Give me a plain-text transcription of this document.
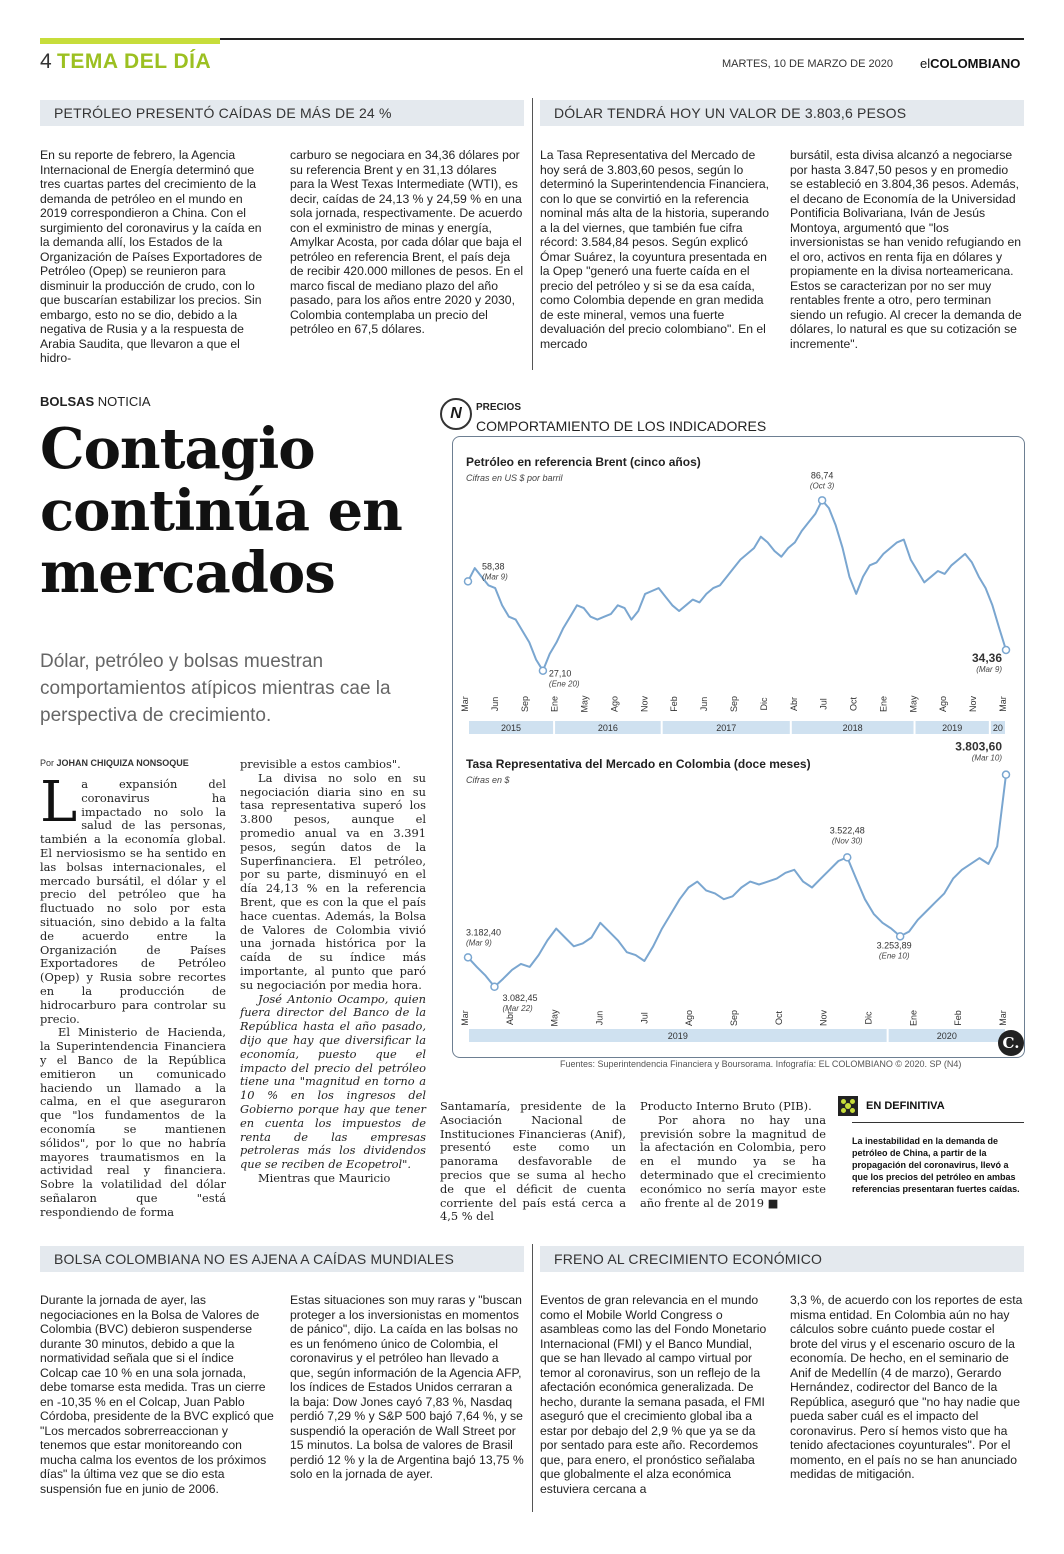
4 TEMA DEL DÍA	MARTES, 10 DE MARZO DE 2020 elCOLOMBIANO
PETRÓLEO PRESENTÓ CAÍDAS DE MÁS DE 24 %
En su reporte de febrero, la Agencia Internacional de Energía determinó que tres cuartas partes del crecimiento de la demanda de petróleo en el mundo en 2019 correspondieron a China. Con el surgimiento del coronavirus y la caída en la demanda allí, los Estados de la Organización de Países Exportadores de Petróleo (Opep) se reunieron para disminuir la producción de crudo, con lo que buscarían estabilizar los precios. Sin embargo, esto no se dio, debido a la negativa de Rusia y a la respuesta de Arabia Saudita, que llevaron a que el hidro-
carburo se negociara en 34,36 dólares por su referencia Brent y en 31,13 dólares para la West Texas Intermediate (WTI), es decir, caídas de 24,13 % y 24,59 % en una sola jornada, respectivamente. De acuerdo con el exministro de minas y energía, Amylkar Acosta, por cada dólar que baja el petróleo en referencia Brent, el país deja de recibir 420.000 millones de pesos. En el marco fiscal de mediano plazo del año pasado, para los años entre 2020 y 2030, Colombia contemplaba un precio del petróleo en 67,5 dólares.
DÓLAR TENDRÁ HOY UN VALOR DE 3.803,6 PESOS
La Tasa Representativa del Mercado de hoy será de 3.803,60 pesos, según lo determinó la Superintendencia Financiera, con lo que se convirtió en la referencia nominal más alta de la historia, superando a la del viernes, que también fue cifra récord: 3.584,84 pesos. Según explicó Ómar Suárez, la coyuntura presentada en la Opep "generó una fuerte caída en el precio del petróleo y si se da esa caída, como Colombia depende en gran medida de este mineral, vemos una fuerte devaluación del precio colombiano". En el mercado
bursátil, esta divisa alcanzó a negociarse por hasta 3.847,50 pesos y en promedio se estableció en 3.804,36 pesos. Además, el decano de Economía de la Universidad Pontificia Bolivariana, Iván de Jesús Montoya, argumentó que "los inversionistas se han venido refugiando en el oro, activos en renta fija en dólares y propiamente en la divisa norteamericana. Estos se caracterizan por no ser muy rentables frente a otro, pero terminan siendo un refugio. Al crecer la demanda de dólares, lo natural es que su cotización se incremente".
BOLSAS NOTICIA
Contagio continúa en mercados
Dólar, petróleo y bolsas muestran comportamientos atípicos mientras cae la perspectiva de crecimiento.
Por JOHAN CHIQUIZA NONSOQUE
La expansión del coronavirus ha impactado no solo la salud de las personas, también a la economía global. El nerviosismo se ha sentido en las bolsas internacionales, el mercado bursátil, el dólar y el precio del petróleo que ha fluctuado no solo por esta situación, sino debido a la falta de acuerdo entre la Organización de Países Exportadores de Petróleo (Opep) y Rusia sobre recortes en la producción de hidrocarburo para controlar su precio.
El Ministerio de Hacienda, la Superintendencia Financiera y el Banco de la República emitieron un comunicado haciendo un llamado a la calma, en el que aseguraron que "los fundamentos de la economía se mantienen sólidos", por lo que no habría mayores traumatismos en la actividad real y financiera. Sobre la volatilidad del dólar señalaron que "está respondiendo de forma
previsible a estos cambios".
La divisa no solo en su negociación diaria sino en su tasa representativa superó los 3.800 pesos, aunque el promedio anual va en 3.391 pesos, según datos de la Superfinanciera. El petróleo, por su parte, disminuyó en el día 24,13 % en la referencia Brent, que es con la que el país hace cuentas. Además, la Bolsa de Valores de Colombia vivió una jornada histórica por la caída de su índice más importante, al punto que paró su negociación por media hora.
José Antonio Ocampo, quien fuera director del Banco de la República hasta el año pasado, dijo que hay que diversificar la economía, puesto que el impacto del precio del petróleo tiene una "magnitud en torno a 10 % en los ingresos del Gobierno porque hay que tener en cuenta los impuestos de renta de las empresas petroleras más los dividendos que se reciben de Ecopetrol".
Mientras que Mauricio
Santamaría, presidente de la Asociación Nacional de Instituciones Financieras (Anif), presentó este como un panorama desfavorable de precios que se suma al hecho de que el déficit de cuenta corriente del país está cerca a 4,5 % del
Producto Interno Bruto (PIB).
Por ahora no hay una previsión sobre la magnitud de la afectación en Colombia, pero en el mundo ya se ha determinado que el crecimiento económico no sería mayor este año frente al de 2019 ■
N	PRECIOS
COMPORTAMIENTO DE LOS INDICADORES
Petróleo en referencia Brent (cinco años)
Cifras en US $ por barril
58,38
(Mar 9)
27,10
(Ene 20)
86,74
(Oct 3)
34,36
(Mar 9)
Mar Jun Sep Ene May Ago Nov Feb Jun Sep Dic Abr Jul Oct Ene May Ago Nov Mar
2015	2016	2017	2018	2019	20
Tasa Representativa del Mercado en Colombia (doce meses)
Cifras en $
3.182,40
(Mar 9)
3.082,45
(Mar 22)
3.522,48
(Nov 30)
3.253,89
(Ene 10)
3.803,60
(Mar 10)
Mar	Abr	May	Jun	Jul	Ago	Sep	Oct	Nov	Dic	Ene	Feb	Mar
2019	2020	C.
Fuentes: Superintendencia Financiera y Boursorama. Infografía: EL COLOMBIANO © 2020. SP (N4)
EN DEFINITIVA
La inestabilidad en la demanda de petróleo de China, a partir de la propagación del coronavirus, llevó a que los precios del petróleo en ambas referencias presentaran fuertes caídas.
BOLSA COLOMBIANA NO ES AJENA A CAÍDAS MUNDIALES
Durante la jornada de ayer, las negociaciones en la Bolsa de Valores de Colombia (BVC) debieron suspenderse durante 30 minutos, debido a que la normatividad señala que si el índice Colcap cae 10 % en una sola jornada, debe tomarse esta medida. Tras un cierre en -10,35 % en el Colcap, Juan Pablo Córdoba, presidente de la BVC explicó que "Los mercados sobrerreaccionan y tenemos que estar monitoreando con mucha calma los eventos de los próximos días" la última vez que se dio esta suspensión fue en junio de 2006.
Estas situaciones son muy raras y "buscan proteger a los inversionistas en momentos de pánico", dijo. La caída en las bolsas no es un fenómeno único de Colombia, el coronavirus y el petróleo han llevado a que, según información de la Agencia AFP, los índices de Estados Unidos cerraran a la baja: Dow Jones cayó 7,83 %, Nasdaq perdió 7,29 % y S&P 500 bajó 7,64 %, y se suspendió la operación de Wall Street por 15 minutos. La bolsa de valores de Brasil perdió 12 % y la de Argentina bajó 13,75 % solo en la jornada de ayer.
FRENO AL CRECIMIENTO ECONÓMICO
Eventos de gran relevancia en el mundo como el Mobile World Congress o asambleas como las del Fondo Monetario Internacional (FMI) y el Banco Mundial, que se han llevado al campo virtual por temor al coronavirus, son un reflejo de la afectación económica generalizada. De hecho, durante la semana pasada, el FMI aseguró que el crecimiento global iba a estar por debajo del 2,9 % que ya se da por sentado para este año. Recordemos que, para enero, el pronóstico señalaba que globalmente el alza económica estuviera cercana a
3,3 %, de acuerdo con los reportes de esta misma entidad. En Colombia aún no hay cálculos sobre cuánto puede costar el brote del virus y el escenario oscuro de la economía. De hecho, en el seminario de Anif de Medellín (4 de marzo), Gerardo Hernández, codirector del Banco de la República, aseguró que "no hay nadie que pueda saber cuál es el impacto del coronavirus. Pero sí hemos visto que ha tenido afectaciones coyunturales". Por el momento, en el país no se han anunciado medidas de mitigación.
